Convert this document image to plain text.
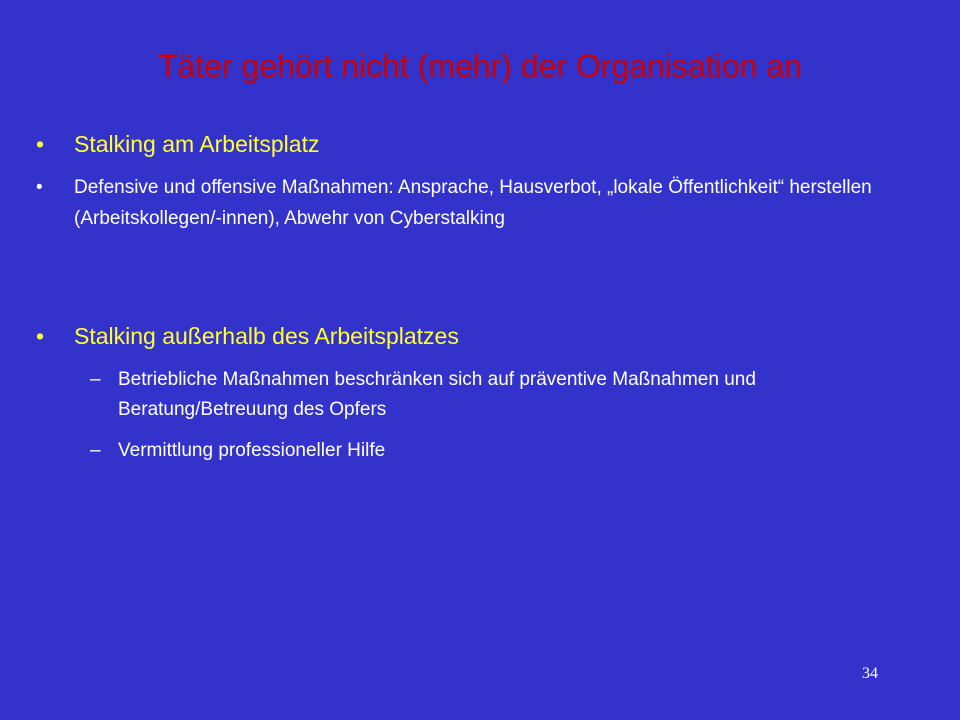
Täter gehört nicht (mehr) der Organisation an
• Stalking am Arbeitsplatz
• Defensive und offensive Maßnahmen: Ansprache, Hausverbot, „lokale Öffentlichkeit“ herstellen (Arbeitskollegen/-innen), Abwehr von Cyberstalking
• Stalking außerhalb des Arbeitsplatzes
– Betriebliche Maßnahmen beschränken sich auf präventive Maßnahmen und Beratung/Betreuung des Opfers
– Vermittlung professioneller Hilfe
34
